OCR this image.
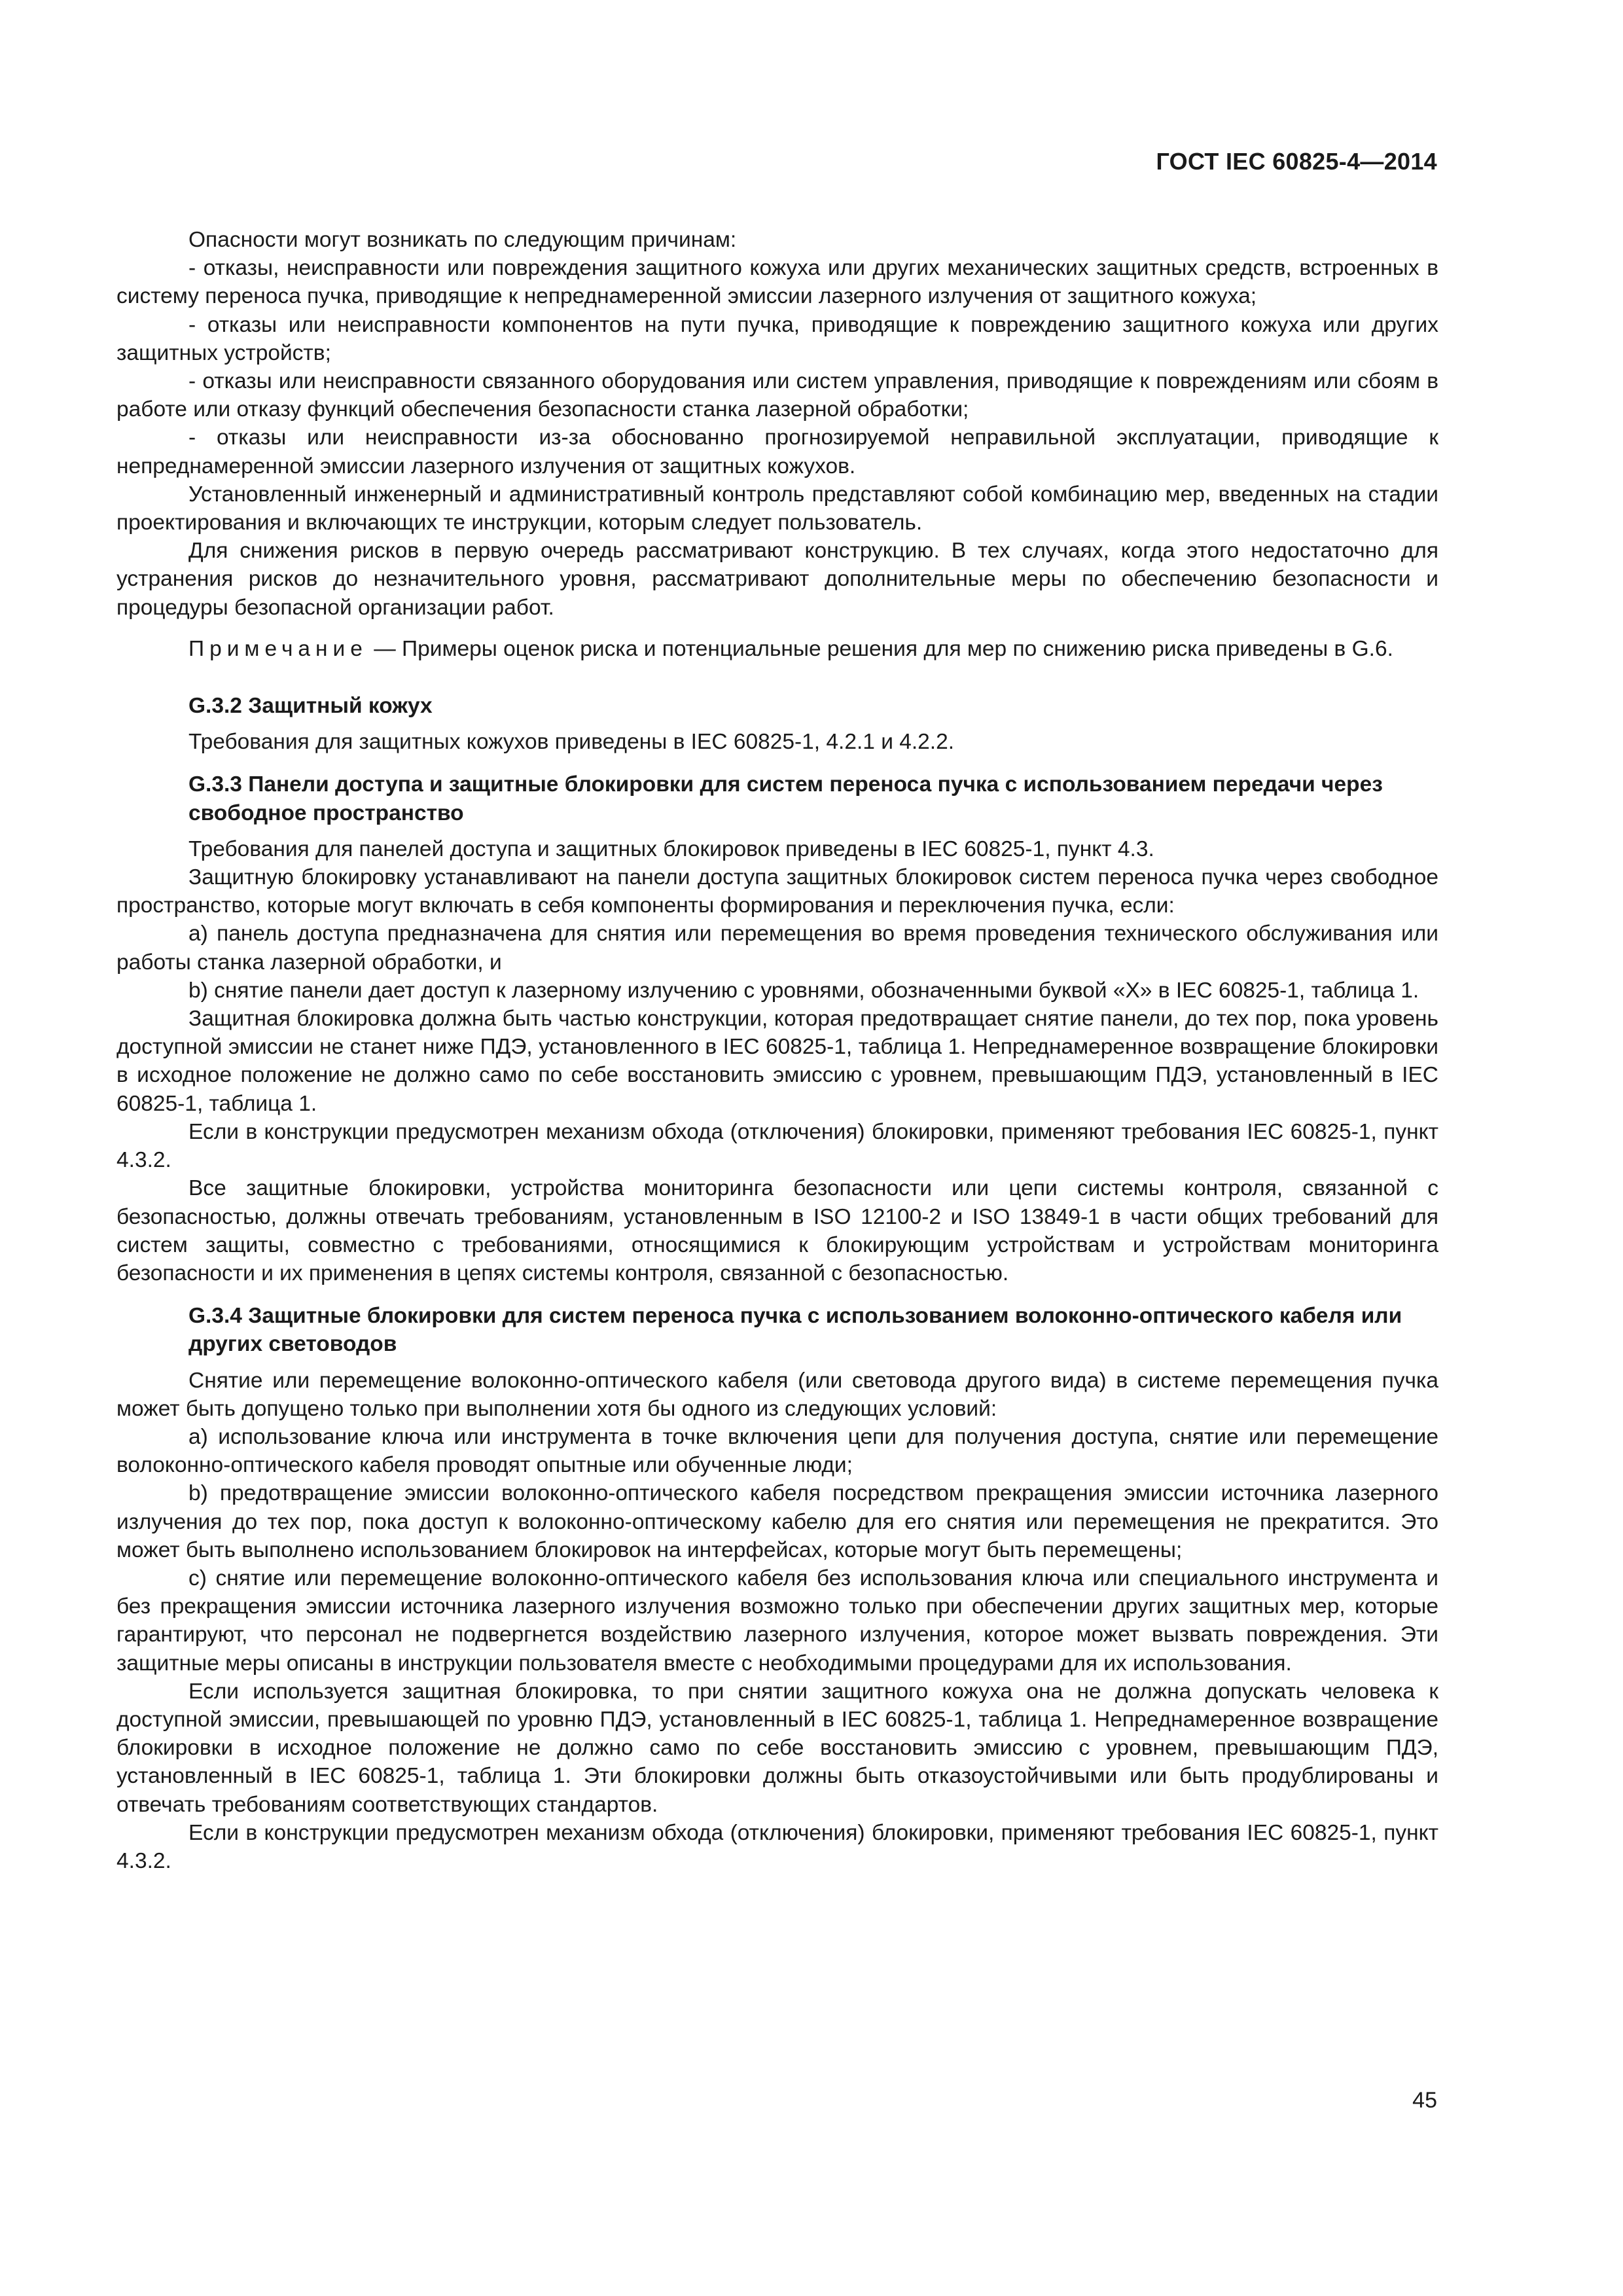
ГОСТ IEC 60825-4—2014

Опасности могут возникать по следующим причинам:

- отказы, неисправности или повреждения защитного кожуха или других механических защитных средств, встроенных в систему переноса пучка, приводящие к непреднамеренной эмиссии лазерного излучения от защитного кожуха;

- отказы или неисправности компонентов на пути пучка, приводящие к повреждению защитного кожуха или других защитных устройств;

- отказы или неисправности связанного оборудования или систем управления, приводящие к повреждениям или сбоям в работе или отказу функций обеспечения безопасности станка лазерной обработки;

- отказы или неисправности из-за обоснованно прогнозируемой неправильной эксплуатации, приводящие к непреднамеренной эмиссии лазерного излучения от защитных кожухов.

Установленный инженерный и административный контроль представляют собой комбинацию мер, введенных на стадии проектирования и включающих те инструкции, которым следует пользователь.

Для снижения рисков в первую очередь рассматривают конструкцию. В тех случаях, когда этого недостаточно для устранения рисков до незначительного уровня, рассматривают дополнительные меры по обеспечению безопасности и процедуры безопасной организации работ.

Примечание — Примеры оценок риска и потенциальные решения для мер по снижению риска приведены в G.6.

G.3.2 Защитный кожух

Требования для защитных кожухов приведены в IEC 60825-1, 4.2.1 и 4.2.2.

G.3.3 Панели доступа и защитные блокировки для систем переноса пучка с использованием передачи через свободное пространство

Требования для панелей доступа и защитных блокировок приведены в IEC 60825-1, пункт 4.3.

Защитную блокировку устанавливают на панели доступа защитных блокировок систем переноса пучка через свободное пространство, которые могут включать в себя компоненты формирования и переключения пучка, если:

а) панель доступа предназначена для снятия или перемещения во время проведения технического обслуживания или работы станка лазерной обработки, и

b) снятие панели дает доступ к лазерному излучению с уровнями, обозначенными буквой «Х» в IEC 60825-1, таблица 1.

Защитная блокировка должна быть частью конструкции, которая предотвращает снятие панели, до тех пор, пока уровень доступной эмиссии не станет ниже ПДЭ, установленного в IEC 60825-1, таблица 1. Непреднамеренное возвращение блокировки в исходное положение не должно само по себе восстановить эмиссию с уровнем, превышающим ПДЭ, установленный в IEC 60825-1, таблица 1.

Если в конструкции предусмотрен механизм обхода (отключения) блокировки, применяют требования IEC 60825-1, пункт 4.3.2.

Все защитные блокировки, устройства мониторинга безопасности или цепи системы контроля, связанной с безопасностью, должны отвечать требованиям, установленным в ISO 12100-2 и ISO 13849-1 в части общих требований для систем защиты, совместно с требованиями, относящимися к блокирующим устройствам и устройствам мониторинга безопасности и их применения в цепях системы контроля, связанной с безопасностью.

G.3.4 Защитные блокировки для систем переноса пучка с использованием волоконно-оптического кабеля или других световодов

Снятие или перемещение волоконно-оптического кабеля (или световода другого вида) в системе перемещения пучка может быть допущено только при выполнении хотя бы одного из следующих условий:

а) использование ключа или инструмента в точке включения цепи для получения доступа, снятие или перемещение волоконно-оптического кабеля проводят опытные или обученные люди;

b) предотвращение эмиссии волоконно-оптического кабеля посредством прекращения эмиссии источника лазерного излучения до тех пор, пока доступ к волоконно-оптическому кабелю для его снятия или перемещения не прекратится. Это может быть выполнено использованием блокировок на интерфейсах, которые могут быть перемещены;

c) снятие или перемещение волоконно-оптического кабеля без использования ключа или специального инструмента и без прекращения эмиссии источника лазерного излучения возможно только при обеспечении других защитных мер, которые гарантируют, что персонал не подвергнется воздействию лазерного излучения, которое может вызвать повреждения. Эти защитные меры описаны в инструкции пользователя вместе с необходимыми процедурами для их использования.

Если используется защитная блокировка, то при снятии защитного кожуха она не должна допускать человека к доступной эмиссии, превышающей по уровню ПДЭ, установленный в IEC 60825-1, таблица 1. Непреднамеренное возвращение блокировки в исходное положение не должно само по себе восстановить эмиссию с уровнем, превышающим ПДЭ, установленный в IEC 60825-1, таблица 1. Эти блокировки должны быть отказоустойчивыми или быть продублированы и отвечать требованиям соответствующих стандартов.

Если в конструкции предусмотрен механизм обхода (отключения) блокировки, применяют требования IEC 60825-1, пункт 4.3.2.

45
